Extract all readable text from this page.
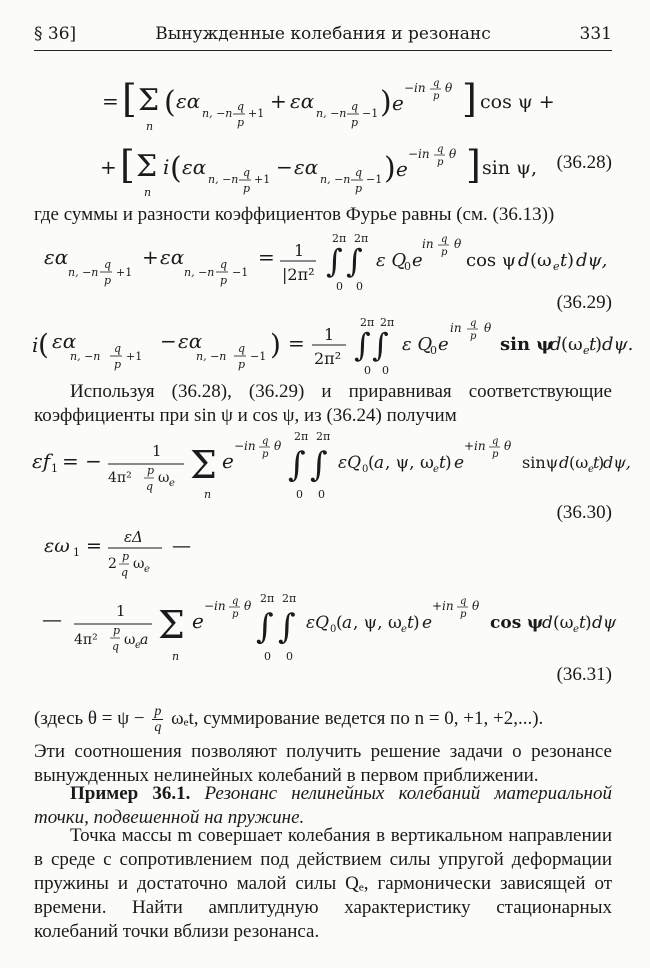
§ 36]	Вынужденные колебания и резонанс	331
= [ Σ
n
( εα
n, −n
q
p
+1
+ εα
n, −n
q
p
−1 ) e
−in q
p
θ ] cos ψ +
+ [ Σ
n
i ( εα
n, −n
q
p
+1
− εα
n, −n
q
p
−1 ) e
−in q
p
θ ] sin ψ, (36.28)
где суммы и разности коэффициентов Фурье равны (см. (36.13))
εα
n, −n
q
p
+1
+ εα
n, −n
q
p
−1
= 1
|2π²
2π 2π
∫ ∫
0 0
ε Q
0 e
in q
p
θ
cos ψ d (ω e t ) dψ,
(36.29)
i ( εα
n, −n
q
p
+1
− εα
n, −n
q
p
−1 ) = 1
2π²
2π 2π
∫ ∫
0 0
ε Q
0 e
in q
p
θ
sin ψ
d (ω e t
) dψ.
Используя (36.28), (36.29) и приравнивая соответствующие коэффициенты при sin ψ и cos ψ, из (36.24) получим
εf 1 = −	1
4π² p
q
ω e Σ
n
e
−in q
p
θ
2π 2π
∫ ∫
0 0
εQ 0 ( a , ψ, ω e t ) e
+in q
p
θ
sinψ d (ω e t
)
dψ,
(36.30)
εω 1 = εΔ
2 p
q
ω e
—
—	1
4π²
p
q ω e a Σ
n
e
−in q
p
θ
2π 2π
∫ ∫
0 0
εQ 0 ( a , ψ, ω e t ) e
+in q
p
θ
cos ψ
d (ω e t ) dψ
(36.31)
(здесь $\theta = \psi - \frac{p}{q} \omega_et$, суммирование ведется по n = 0, +1, +2,...).
Эти соотношения позволяют получить решение задачи о резонансе вынужденных нелинейных колебаний в первом приближении.
Пример 36.1. Резонанс нелинейных колебаний материальной точки, подвешенной на пружине.
Точка массы m совершает колебания в вертикальном направлении в среде с сопротивлением под действием силы упругой деформации пружины и достаточно малой силы Qₑ, гармонически зависящей от времени. Найти амплитудную характеристику стационарных колебаний точки вблизи резонанса.
